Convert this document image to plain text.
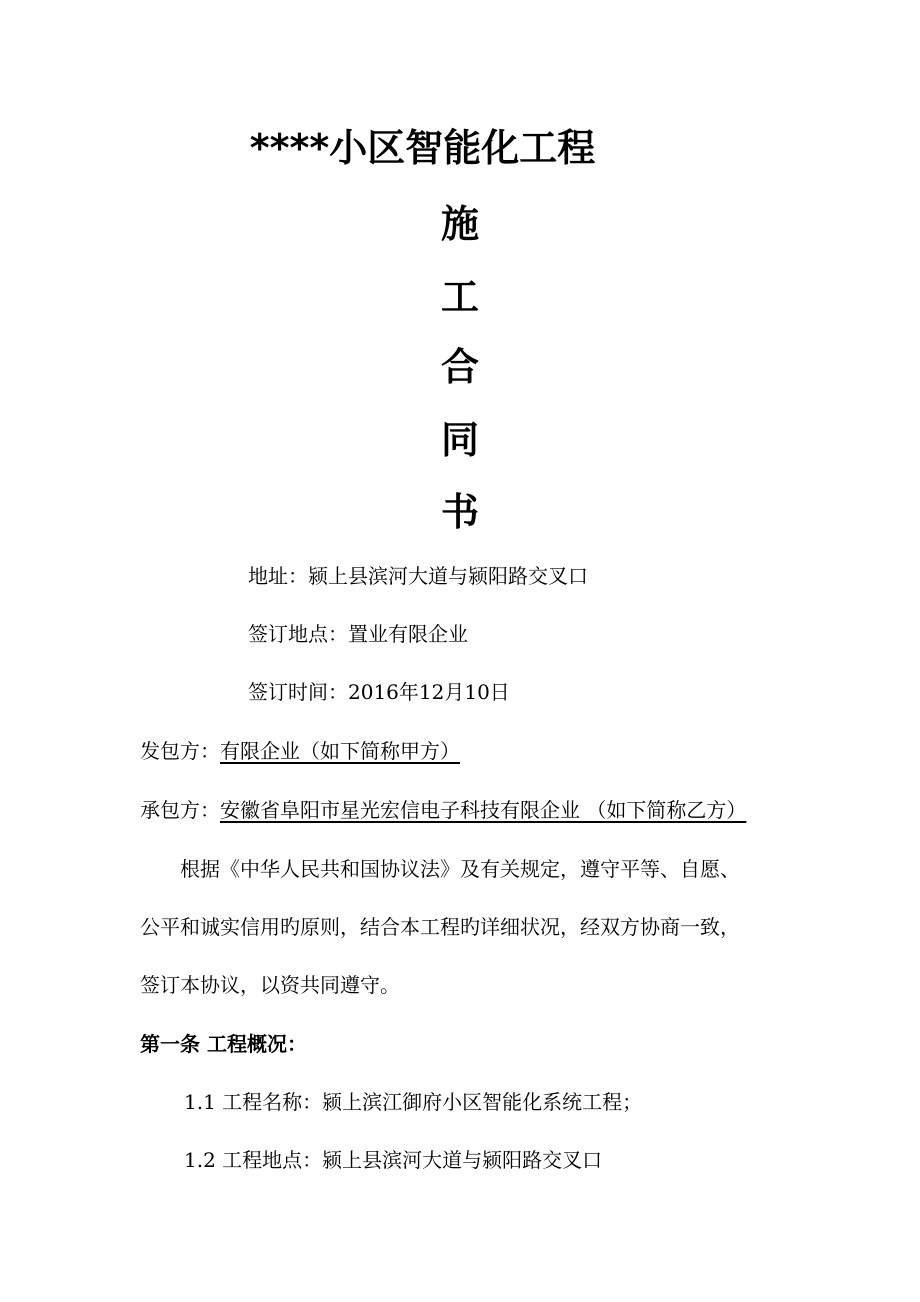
****小区智能化工程
施
工
合
同
书
地址：颍上县滨河大道与颍阳路交叉口
签订地点：置业有限企业
签订时间：2016年12月10日
发包方：有限企业（如下简称甲方）
承包方：安徽省阜阳市星光宏信电子科技有限企业 （如下简称乙方）
根据《中华人民共和国协议法》及有关规定，遵守平等、自愿、
公平和诚实信用旳原则，结合本工程旳详细状况，经双方协商一致，
签订本协议，以资共同遵守。
第一条 工程概况：
1.1 工程名称：颍上滨江御府小区智能化系统工程；
1.2 工程地点：颍上县滨河大道与颍阳路交叉口
